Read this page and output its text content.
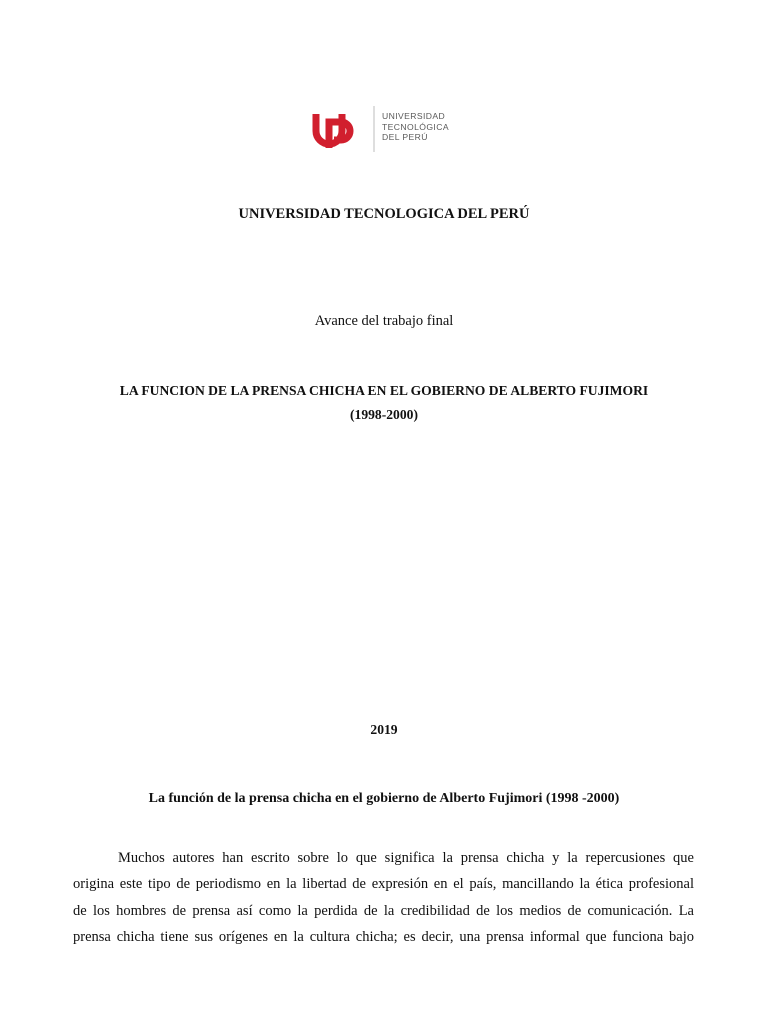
UNIVERSIDAD
TECNOLÓGICA
DEL PERÚ
UNIVERSIDAD TECNOLOGICA DEL PERÚ
Avance del trabajo final
LA FUNCION DE LA PRENSA CHICHA EN EL GOBIERNO DE ALBERTO FUJIMORI
(1998-2000)
2019
La función de la prensa chicha en el gobierno de Alberto Fujimori (1998 -2000)
Muchos autores han escrito sobre lo que significa la prensa chicha y la repercusiones que
origina este tipo de periodismo en la libertad de expresión en el país, mancillando la ética profesional
de los hombres de prensa así como la perdida de la credibilidad de los medios de comunicación. La
prensa chicha tiene sus orígenes en la cultura chicha; es decir, una prensa informal que funciona bajo
